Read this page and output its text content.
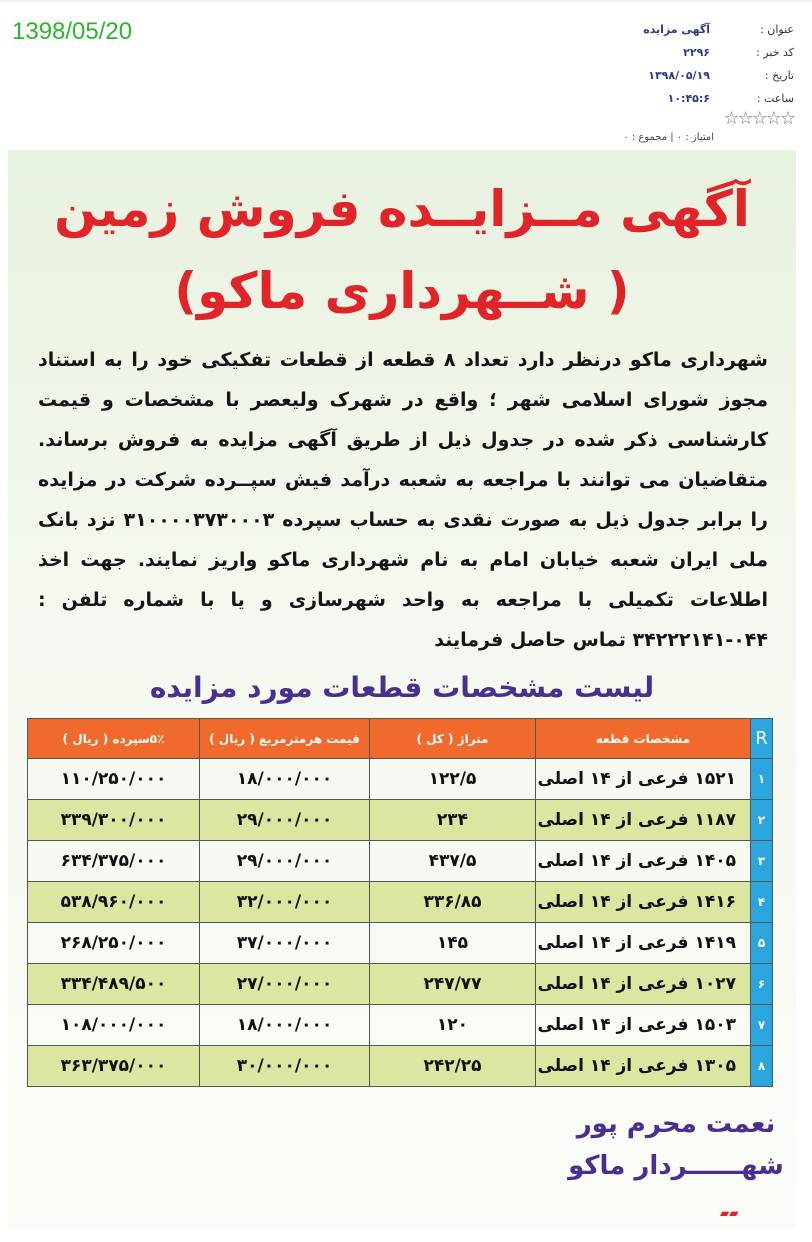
1398/05/20	عنوان :
آگهی مزایده
کد خبر :
۲۲۹۶
تاریخ :
۱۳۹۸/۰۵/۱۹
ساعت :
۱۰:۴۵:۶
☆☆☆☆☆
امتیاز : ۰ | مجموع : ۰
آگهی مــزایــده فروش زمین
( شــهرداری ماکو)
شهرداری ماکو درنظر دارد تعداد ۸ قطعه از قطعات تفکیکی خود را به استناد مجوز شورای اسلامی شهر ؛ واقع در شهرک ولیعصر با مشخصات و قیمت کارشناسی ذکر شده در جدول ذیل از طریق آگهی مزایده به فروش برساند. متقاضیان می توانند با مراجعه به شعبه درآمد فیش سپــرده شرکت در مزایده را برابر جدول ذیل به صورت نقدی به حساب سپرده ۳۱۰۰۰۰۳۷۳۰۰۰۳ نزد بانک ملی ایران شعبه خیابان امام به نام شهرداری ماکو واریز نمایند. جهت اخذ اطلاعات تکمیلی با مراجعه به واحد شهرسازی و یا با شماره تلفن : ۰۴۴-۳۴۲۲۲۱۴۱ تماس حاصل فرمایند
لیست مشخصات قطعات مورد مزایده
R	مشخصات قطعه	متراژ ( کل )	قیمت هرمترمربع ( ریال )	۵٪سپرده ( ریال )
۱	۱۵۲۱ فرعی از ۱۴ اصلی	۱۲۲/۵	۱۸/۰۰۰/۰۰۰	۱۱۰/۲۵۰/۰۰۰
۲	۱۱۸۷ فرعی از ۱۴ اصلی	۲۳۴	۲۹/۰۰۰/۰۰۰	۳۳۹/۳۰۰/۰۰۰
۳	۱۴۰۵ فرعی از ۱۴ اصلی	۴۳۷/۵	۲۹/۰۰۰/۰۰۰	۶۳۴/۳۷۵/۰۰۰
۴	۱۴۱۶ فرعی از ۱۴ اصلی	۳۳۶/۸۵	۳۲/۰۰۰/۰۰۰	۵۳۸/۹۶۰/۰۰۰
۵	۱۴۱۹ فرعی از ۱۴ اصلی	۱۴۵	۳۷/۰۰۰/۰۰۰	۲۶۸/۲۵۰/۰۰۰
۶	۱۰۲۷ فرعی از ۱۴ اصلی	۲۴۷/۷۷	۲۷/۰۰۰/۰۰۰	۳۳۴/۴۸۹/۵۰۰
۷	۱۵۰۳ فرعی از ۱۴ اصلی	۱۲۰	۱۸/۰۰۰/۰۰۰	۱۰۸/۰۰۰/۰۰۰
۸	۱۳۰۵ فرعی از ۱۴ اصلی	۲۴۲/۲۵	۳۰/۰۰۰/۰۰۰	۳۶۳/۳۷۵/۰۰۰
نعمت محرم پور
شهــــــردار ماکو
▰▰
